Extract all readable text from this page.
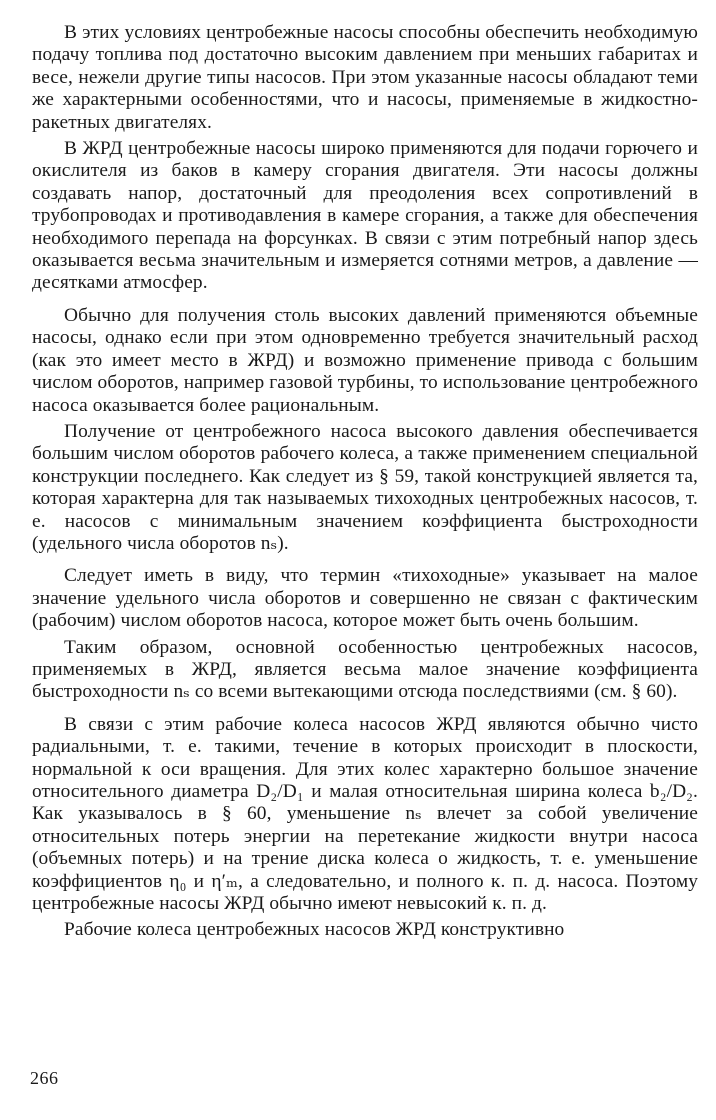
В этих условиях центробежные насосы способны обеспечить необходимую подачу топлива под достаточно высоким давлением при меньших габаритах и весе, нежели другие типы насосов. При этом указанные насосы обладают теми же характерными особенностями, что и насосы, применяемые в жидкостно-ракетных двигателях.

В ЖРД центробежные насосы широко применяются для подачи горючего и окислителя из баков в камеру сгорания двигателя. Эти насосы должны создавать напор, достаточный для преодоления всех сопротивлений в трубопроводах и противодавления в камере сгорания, а также для обеспечения необходимого перепада на форсунках. В связи с этим потребный напор здесь оказывается весьма значительным и измеряется сотнями метров, а давление — десятками атмосфер.

Обычно для получения столь высоких давлений применяются объемные насосы, однако если при этом одновременно требуется значительный расход (как это имеет место в ЖРД) и возможно применение привода с большим числом оборотов, например газовой турбины, то использование центробежного насоса оказывается более рациональным.

Получение от центробежного насоса высокого давления обеспечивается большим числом оборотов рабочего колеса, а также применением специальной конструкции последнего. Как следует из § 59, такой конструкцией является та, которая характерна для так называемых тихоходных центробежных насосов, т. е. насосов с минимальным значением коэффициента быстроходности (удельного числа оборотов nₛ).

Следует иметь в виду, что термин «тихоходные» указывает на малое значение удельного числа оборотов и совершенно не связан с фактическим (рабочим) числом оборотов насоса, которое может быть очень большим.

Таким образом, основной особенностью центробежных насосов, применяемых в ЖРД, является весьма малое значение коэффициента быстроходности nₛ со всеми вытекающими отсюда последствиями (см. § 60).

В связи с этим рабочие колеса насосов ЖРД являются обычно чисто радиальными, т. е. такими, течение в которых происходит в плоскости, нормальной к оси вращения. Для этих колес характерно большое значение относительного диаметра D₂/D₁ и малая относительная ширина колеса b₂/D₂. Как указывалось в § 60, уменьшение nₛ влечет за собой увеличение относительных потерь энергии на перетекание жидкости внутри насоса (объемных потерь) и на трение диска колеса о жидкость, т. е. уменьшение коэффициентов η₀ и η′ₘ, а следовательно, и полного к. п. д. насоса. Поэтому центробежные насосы ЖРД обычно имеют невысокий к. п. д.

Рабочие колеса центробежных насосов ЖРД конструктивно

266
